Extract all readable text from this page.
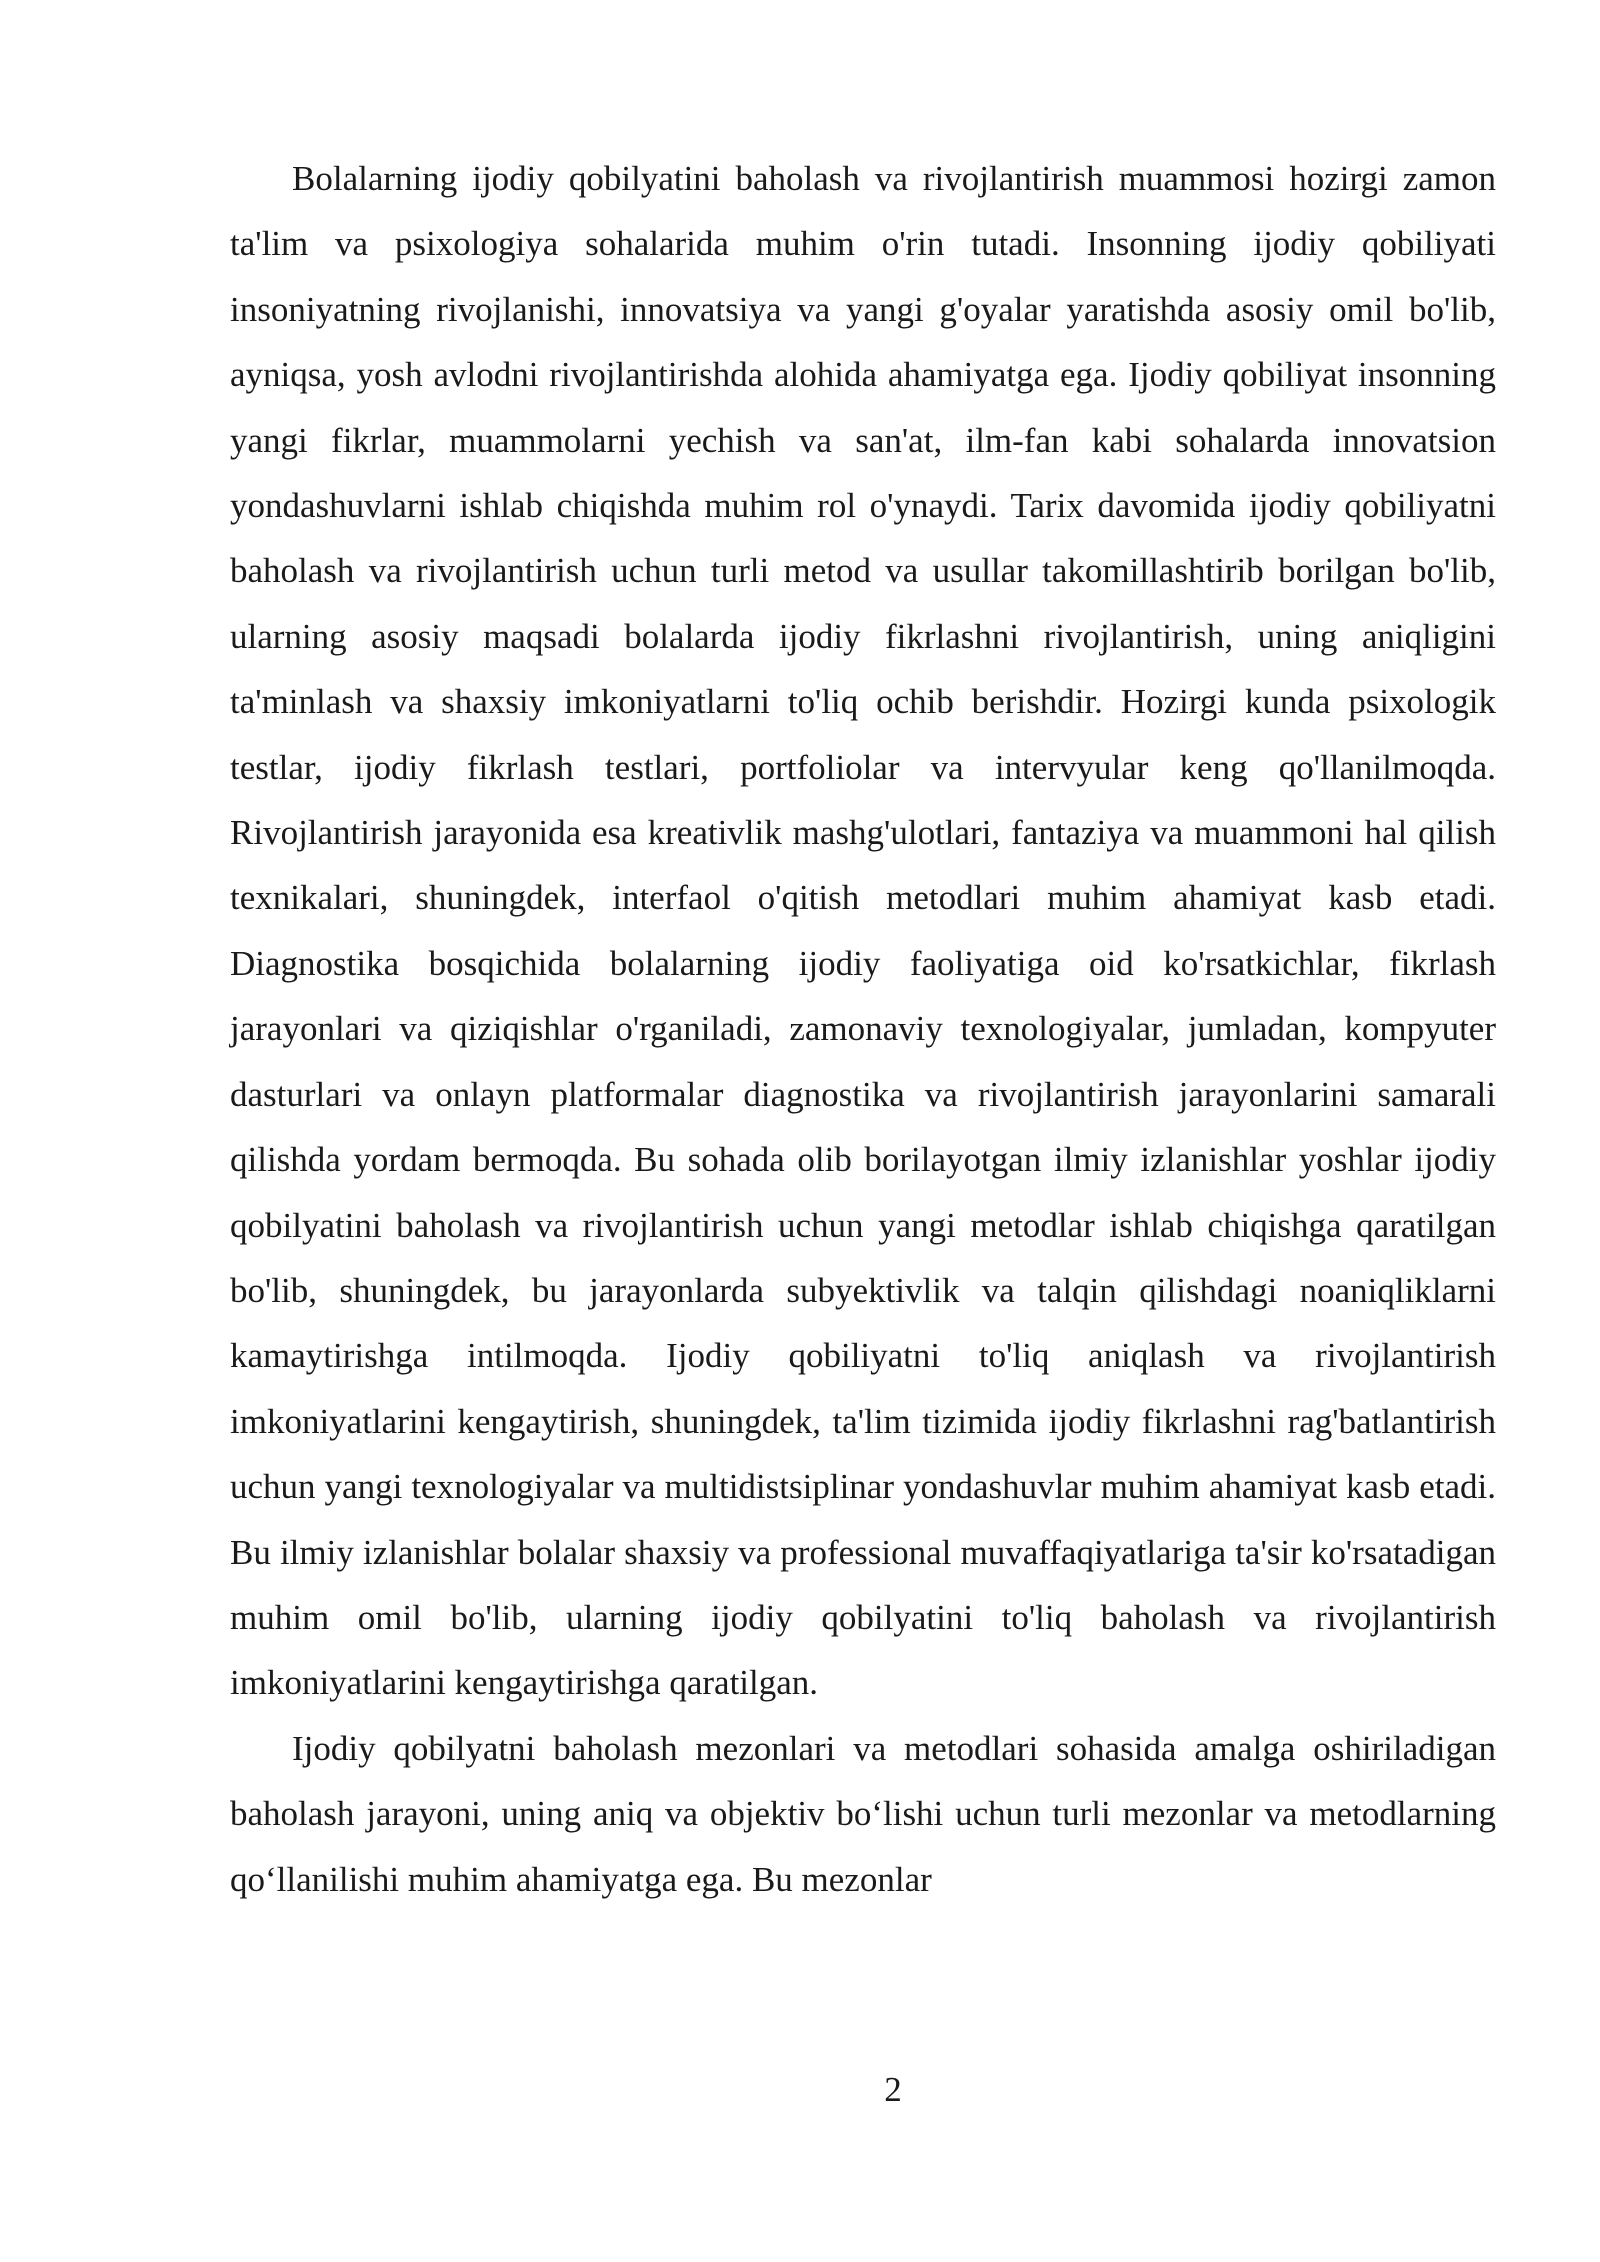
Bolalarning ijodiy qobilyatini baholash va rivojlantirish muammosi hozirgi zamon ta'lim va psixologiya sohalarida muhim o'rin tutadi. Insonning ijodiy qobiliyati insoniyatning rivojlanishi, innovatsiya va yangi g'oyalar yaratishda asosiy omil bo'lib, ayniqsa, yosh avlodni rivojlantirishda alohida ahamiyatga ega. Ijodiy qobiliyat insonning yangi fikrlar, muammolarni yechish va san'at, ilm-fan kabi sohalarda innovatsion yondashuvlarni ishlab chiqishda muhim rol o'ynaydi. Tarix davomida ijodiy qobiliyatni baholash va rivojlantirish uchun turli metod va usullar takomillashtirib borilgan bo'lib, ularning asosiy maqsadi bolalarda ijodiy fikrlashni rivojlantirish, uning aniqligini ta'minlash va shaxsiy imkoniyatlarni to'liq ochib berishdir. Hozirgi kunda psixologik testlar, ijodiy fikrlash testlari, portfoliolar va intervyular keng qo'llanilmoqda. Rivojlantirish jarayonida esa kreativlik mashg'ulotlari, fantaziya va muammoni hal qilish texnikalari, shuningdek, interfaol o'qitish metodlari muhim ahamiyat kasb etadi. Diagnostika bosqichida bolalarning ijodiy faoliyatiga oid ko'rsatkichlar, fikrlash jarayonlari va qiziqishlar o'rganiladi, zamonaviy texnologiyalar, jumladan, kompyuter dasturlari va onlayn platformalar diagnostika va rivojlantirish jarayonlarini samarali qilishda yordam bermoqda. Bu sohada olib borilayotgan ilmiy izlanishlar yoshlar ijodiy qobilyatini baholash va rivojlantirish uchun yangi metodlar ishlab chiqishga qaratilgan bo'lib, shuningdek, bu jarayonlarda subyektivlik va talqin qilishdagi noaniqliklarni kamaytirishga intilmoqda. Ijodiy qobiliyatni to'liq aniqlash va rivojlantirish imkoniyatlarini kengaytirish, shuningdek, ta'lim tizimida ijodiy fikrlashni rag'batlantirish uchun yangi texnologiyalar va multidistsiplinar yondashuvlar muhim ahamiyat kasb etadi. Bu ilmiy izlanishlar bolalar shaxsiy va professional muvaffaqiyatlariga ta'sir ko'rsatadigan muhim omil bo'lib, ularning ijodiy qobilyatini to'liq baholash va rivojlantirish imkoniyatlarini kengaytirishga qaratilgan.

Ijodiy qobilyatni baholash mezonlari va metodlari sohasida amalga oshiriladigan baholash jarayoni, uning aniq va objektiv boʻlishi uchun turli mezonlar va metodlarning qoʻllanilishi muhim ahamiyatga ega. Bu mezonlar

2
